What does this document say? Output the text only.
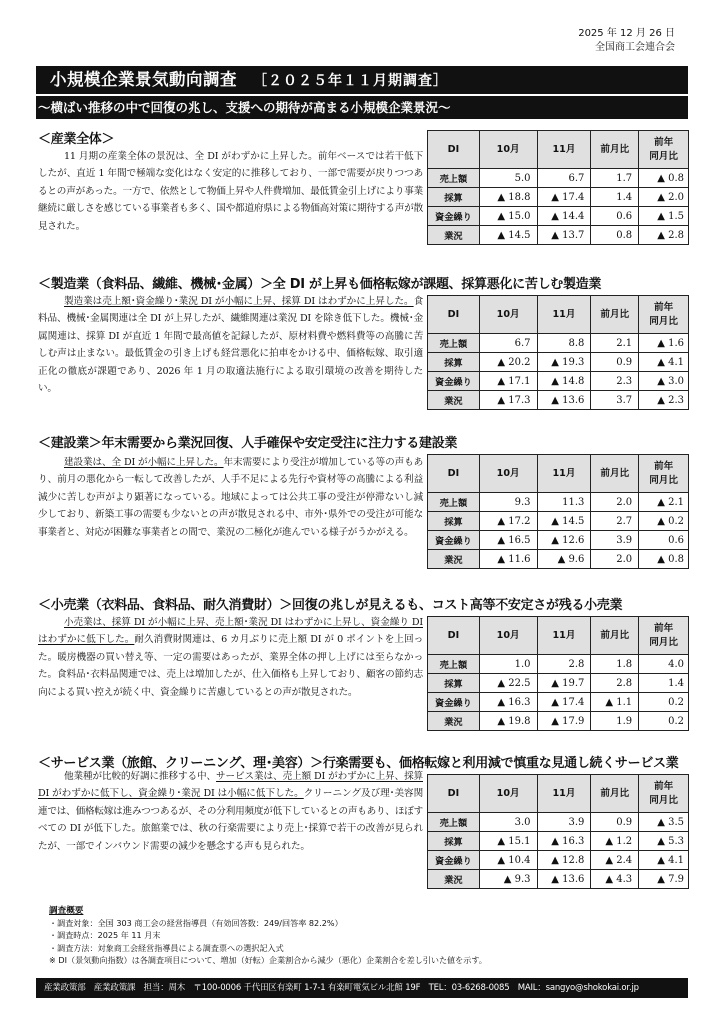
2025 年 12 月 26 日
全国商工会連合会
小規模企業景気動向調査 ［２０２５年１１月期調査］
～横ばい推移の中で回復の兆し、支援への期待が高まる小規模企業景況～
＜産業全体＞
11 月期の産業全体の景況は、全 DI がわずかに上昇した。前年ベースでは若干低下したが、直近 1 年間で極端な変化はなく安定的に推移しており、一部で需要が戻りつつあるとの声があった。一方で、依然として物価上昇や人件費増加、最低賃金引上げにより事業継続に厳しさを感じている事業者も多く、国や都道府県による物価高対策に期待する声が散見された。
DI	10月	11月	前月比	前年
同月比
売上額	5.0	6.7	1.7	▲ 0.8
採算	▲ 18.8	▲ 17.4	1.4	▲ 2.0
資金繰り	▲ 15.0	▲ 14.4	0.6	▲ 1.5
業況	▲ 14.5	▲ 13.7	0.8	▲ 2.8
＜製造業（食料品、繊維、機械･金属）＞全 DI が上昇も価格転嫁が課題、採算悪化に苦しむ製造業
製造業は売上額･資金繰り･業況 DI が小幅に上昇、採算 DI はわずかに上昇した。食料品、機械･金属関連は全 DI が上昇したが、繊維関連は業況 DI を除き低下した。機械･金属関連は、採算 DI が直近 1 年間で最高値を記録したが、原材料費や燃料費等の高騰に苦しむ声は止まない。最低賃金の引き上げも経営悪化に拍車をかける中、価格転嫁、取引適正化の徹底が課題であり、2026 年 1 月の取適法施行による取引環境の改善を期待したい。
DI	10月	11月	前月比	前年
同月比
売上額	6.7	8.8	2.1	▲ 1.6
採算	▲ 20.2	▲ 19.3	0.9	▲ 4.1
資金繰り	▲ 17.1	▲ 14.8	2.3	▲ 3.0
業況	▲ 17.3	▲ 13.6	3.7	▲ 2.3
＜建設業＞年末需要から業況回復、人手確保や安定受注に注力する建設業
建設業は、全 DI が小幅に上昇した。年末需要により受注が増加している等の声もあり、前月の悪化から一転して改善したが、人手不足による先行や資材等の高騰による利益減少に苦しむ声がより顕著になっている。地域によっては公共工事の受注が停滞ないし減少しており、新築工事の需要も少ないとの声が散見される中、市外･県外での受注が可能な事業者と、対応が困難な事業者との間で、業況の二極化が進んでいる様子がうかがえる。
DI	10月	11月	前月比	前年
同月比
売上額	9.3	11.3	2.0	▲ 2.1
採算	▲ 17.2	▲ 14.5	2.7	▲ 0.2
資金繰り	▲ 16.5	▲ 12.6	3.9	0.6
業況	▲ 11.6	▲ 9.6	2.0	▲ 0.8
＜小売業（衣料品、食料品、耐久消費財）＞回復の兆しが見えるも、コスト高等不安定さが残る小売業
小売業は、採算 DI が小幅に上昇、売上額･業況 DI はわずかに上昇し、資金繰り DI はわずかに低下した。耐久消費財関連は、6 カ月ぶりに売上額 DI が 0 ポイントを上回った。暖房機器の買い替え等、一定の需要はあったが、業界全体の押し上げには至らなかった。食料品･衣料品関連では、売上は増加したが、仕入価格も上昇しており、顧客の節約志向による買い控えが続く中、資金繰りに苦慮しているとの声が散見された。
DI	10月	11月	前月比	前年
同月比
売上額	1.0	2.8	1.8	4.0
採算	▲ 22.5	▲ 19.7	2.8	1.4
資金繰り	▲ 16.3	▲ 17.4	▲ 1.1	0.2
業況	▲ 19.8	▲ 17.9	1.9	0.2
＜サービス業（旅館、クリーニング、理･美容）＞行楽需要も、価格転嫁と利用減で慎重な見通し続くサービス業
他業種が比較的好調に推移する中、サービス業は、売上額 DI がわずかに上昇、採算 DI がわずかに低下し、資金繰り･業況 DI は小幅に低下した。クリーニング及び理･美容関連では、価格転嫁は進みつつあるが、その分利用頻度が低下しているとの声もあり、ほぼすべての DI が低下した。旅館業では、秋の行楽需要により売上･採算で若干の改善が見られたが、一部でインバウンド需要の減少を懸念する声も見られた。
DI	10月	11月	前月比	前年
同月比
売上額	3.0	3.9	0.9	▲ 3.5
採算	▲ 15.1	▲ 16.3	▲ 1.2	▲ 5.3
資金繰り	▲ 10.4	▲ 12.8	▲ 2.4	▲ 4.1
業況	▲ 9.3	▲ 13.6	▲ 4.3	▲ 7.9
調査概要
・調査対象：全国 303 商工会の経営指導員（有効回答数：249/回答率 82.2%）
・調査時点：2025 年 11 月末
・調査方法：対象商工会経営指導員による調査票への選択記入式
※ DI（景気動向指数）は各調査項目について、増加（好転）企業割合から減少（悪化）企業割合を差し引いた値を示す。
産業政策部　産業政策課　担当：周木　〒100-0006 千代田区有楽町 1-7-1 有楽町電気ビル北館 19F　TEL：03-6268-0085　MAIL：sangyo@shokokai.or.jp
